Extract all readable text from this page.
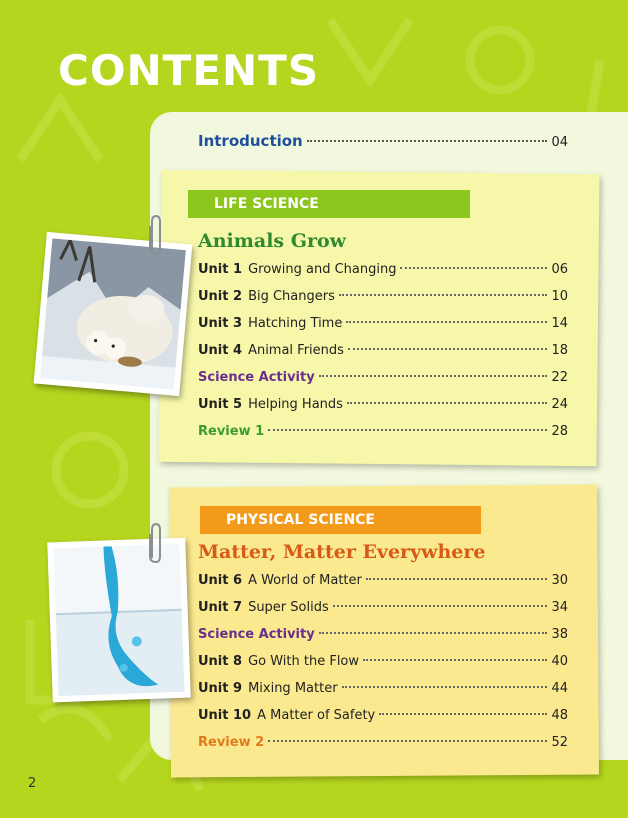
CONTENTS
Introduction	04
LIFE SCIENCE
Animals Grow
Unit 1 Growing and Changing	06
Unit 2 Big Changers	10
Unit 3 Hatching Time	14
Unit 4 Animal Friends	18
Science Activity	22
Unit 5 Helping Hands	24
Review 1	28
PHYSICAL SCIENCE
Matter, Matter Everywhere
Unit 6 A World of Matter	30
Unit 7 Super Solids	34
Science Activity	38
Unit 8 Go With the Flow	40
Unit 9 Mixing Matter	44
Unit 10 A Matter of Safety	48
Review 2	52
2
